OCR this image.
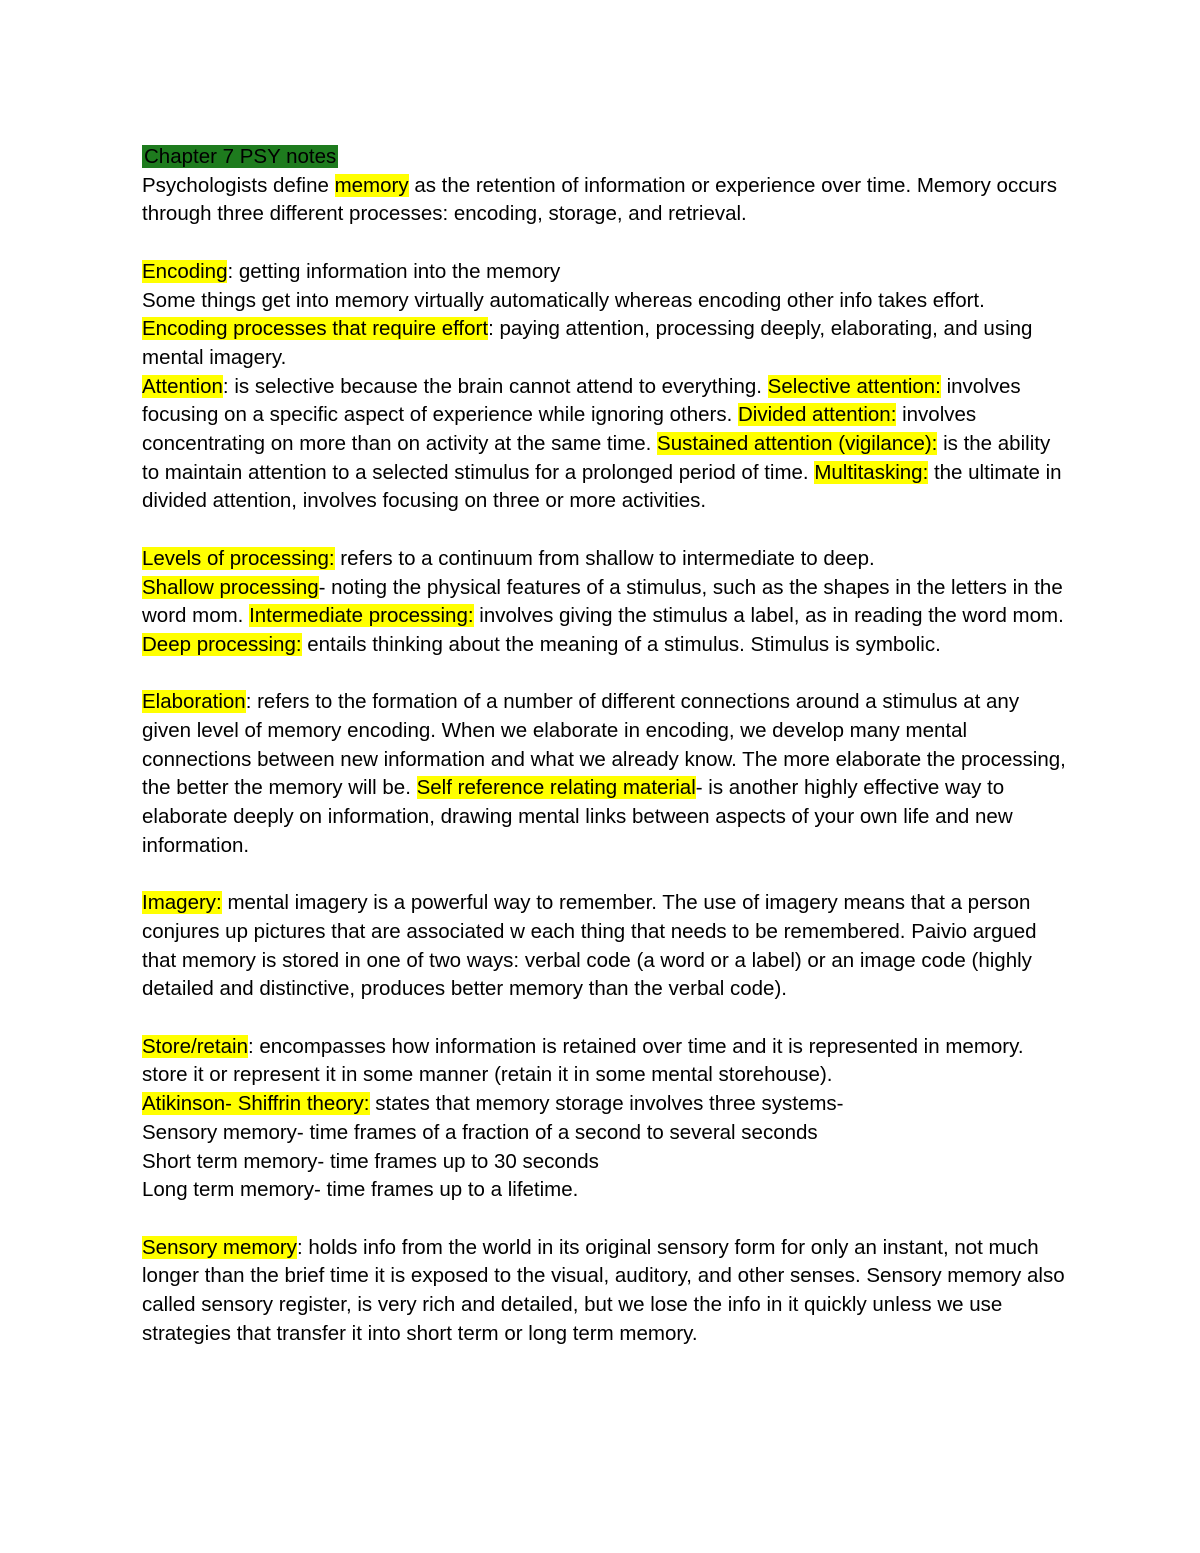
Chapter 7 PSY notes
Psychologists define memory as the retention of information or experience over time. Memory occurs through three different processes: encoding, storage, and retrieval.
Encoding: getting information into the memory
Some things get into memory virtually automatically whereas encoding other info takes effort.
Encoding processes that require effort: paying attention, processing deeply, elaborating, and using mental imagery.
Attention: is selective because the brain cannot attend to everything. Selective attention: involves focusing on a specific aspect of experience while ignoring others. Divided attention: involves concentrating on more than on activity at the same time. Sustained attention (vigilance): is the ability to maintain attention to a selected stimulus for a prolonged period of time. Multitasking: the ultimate in divided attention, involves focusing on three or more activities.
Levels of processing: refers to a continuum from shallow to intermediate to deep.
Shallow processing- noting the physical features of a stimulus, such as the shapes in the letters in the word mom. Intermediate processing: involves giving the stimulus a label, as in reading the word mom. Deep processing: entails thinking about the meaning of a stimulus. Stimulus is symbolic.
Elaboration: refers to the formation of a number of different connections around a stimulus at any given level of memory encoding. When we elaborate in encoding, we develop many mental connections between new information and what we already know. The more elaborate the processing, the better the memory will be. Self reference relating material- is another highly effective way to elaborate deeply on information, drawing mental links between aspects of your own life and new information.
Imagery: mental imagery is a powerful way to remember. The use of imagery means that a person conjures up pictures that are associated w each thing that needs to be remembered. Paivio argued that memory is stored in one of two ways: verbal code (a word or a label) or an image code (highly detailed and distinctive, produces better memory than the verbal code).
Store/retain: encompasses how information is retained over time and it is represented in memory. store it or represent it in some manner (retain it in some mental storehouse).
Atikinson- Shiffrin theory: states that memory storage involves three systems-
Sensory memory- time frames of a fraction of a second to several seconds
Short term memory- time frames up to 30 seconds
Long term memory- time frames up to a lifetime.
Sensory memory: holds info from the world in its original sensory form for only an instant, not much longer than the brief time it is exposed to the visual, auditory, and other senses. Sensory memory also called sensory register, is very rich and detailed, but we lose the info in it quickly unless we use strategies that transfer it into short term or long term memory.
